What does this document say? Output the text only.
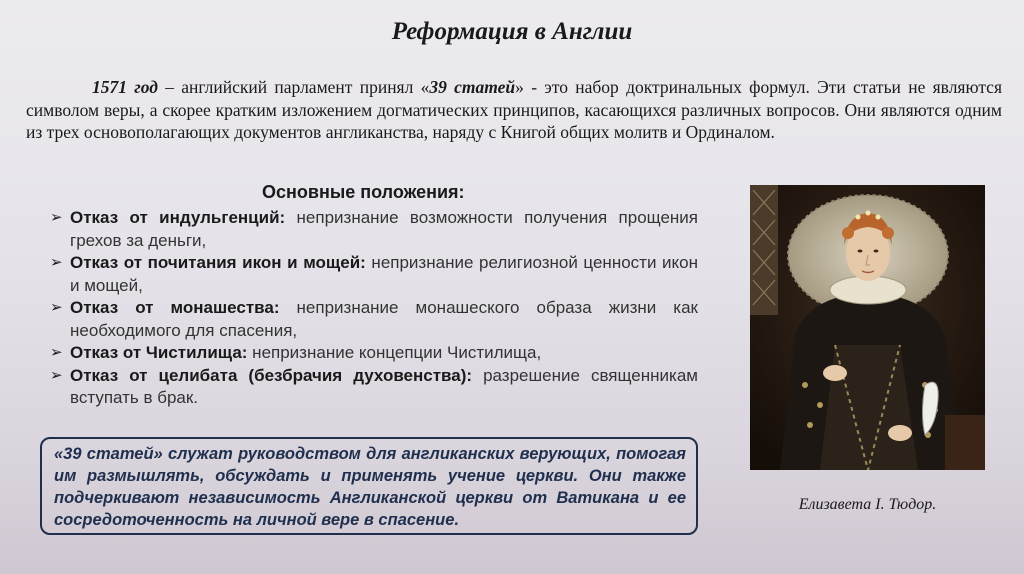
Реформация в Англии
1571 год – английский парламент принял «39 статей» - это набор доктринальных формул. Эти статьи не являются символом веры, а скорее кратким изложением догматических принципов, касающихся различных вопросов. Они являются одним из трех основополагающих документов англиканства, наряду с Книгой общих молитв и Ординалом.
Основные положения:
➢ Отказ от индульгенций: непризнание возможности получения прощения грехов за деньги,
➢ Отказ от почитания икон и мощей: непризнание религиозной ценности икон и мощей,
➢ Отказ от монашества: непризнание монашеского образа жизни как необходимого для спасения,
➢ Отказ от Чистилища: непризнание концепции Чистилища,
➢ Отказ от целибата (безбрачия духовенства): разрешение священникам вступать в брак.

«39 статей» служат руководством для англиканских верующих, помогая им размышлять, обсуждать и применять учение церкви. Они также подчеркивают независимость Англиканской церкви от Ватикана и ее сосредоточенность на личной вере в спасение.

Елизавета I. Тюдор.
